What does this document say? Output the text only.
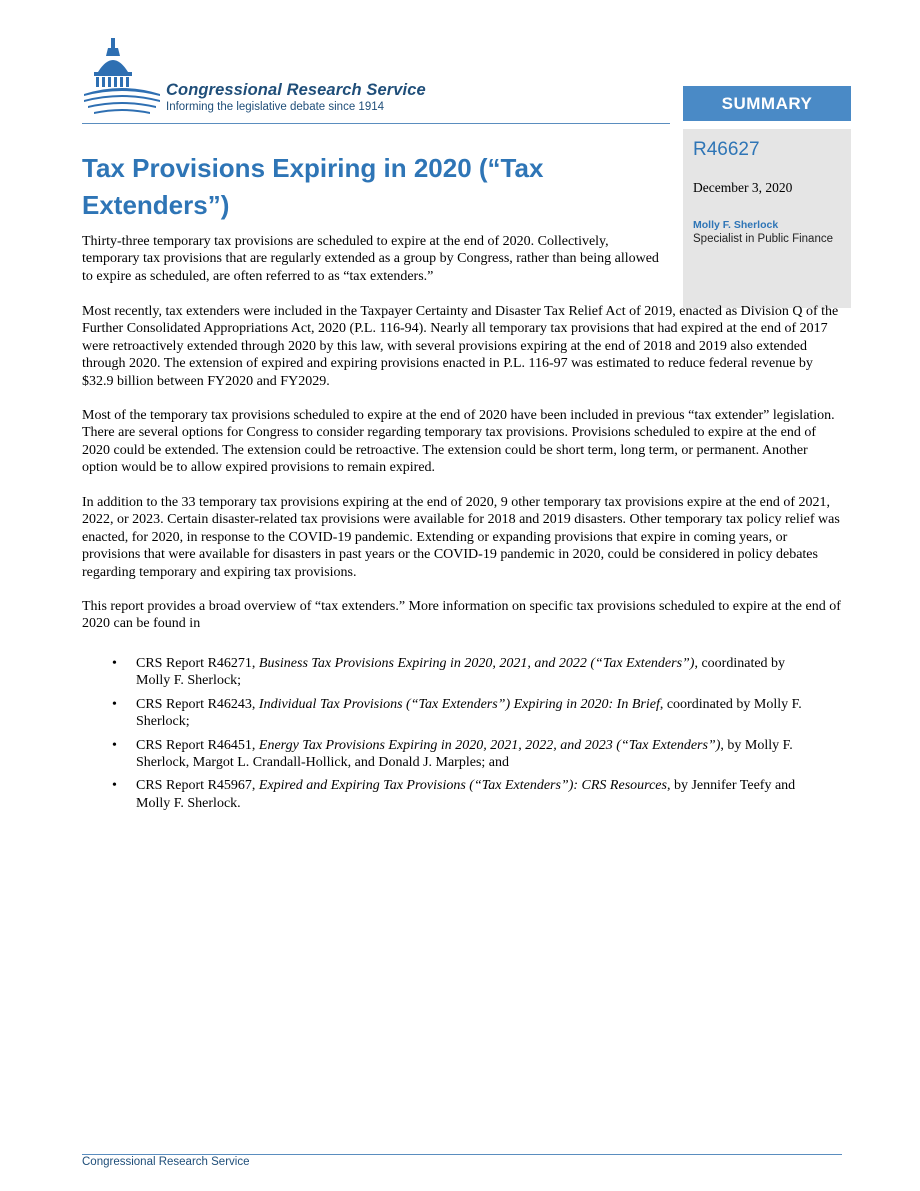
Congressional Research Service
Informing the legislative debate since 1914	SUMMARY
R46627
December 3, 2020
Molly F. Sherlock
Specialist in Public Finance
Tax Provisions Expiring in 2020 (“Tax Extenders”)

Thirty-three temporary tax provisions are scheduled to expire at the end of 2020. Collectively, temporary tax provisions that are regularly extended as a group by Congress, rather than being allowed to expire as scheduled, are often referred to as “tax extenders.”

Most recently, tax extenders were included in the Taxpayer Certainty and Disaster Tax Relief Act of 2019, enacted as Division Q of the Further Consolidated Appropriations Act, 2020 (P.L. 116-94). Nearly all temporary tax provisions that had expired at the end of 2017 were retroactively extended through 2020 by this law, with several provisions expiring at the end of 2018 and 2019 also extended through 2020. The extension of expired and expiring provisions enacted in P.L. 116-97 was estimated to reduce federal revenue by $32.9 billion between FY2020 and FY2029.

Most of the temporary tax provisions scheduled to expire at the end of 2020 have been included in previous “tax extender” legislation. There are several options for Congress to consider regarding temporary tax provisions. Provisions scheduled to expire at the end of 2020 could be extended. The extension could be retroactive. The extension could be short term, long term, or permanent. Another option would be to allow expired provisions to remain expired.

In addition to the 33 temporary tax provisions expiring at the end of 2020, 9 other temporary tax provisions expire at the end of 2021, 2022, or 2023. Certain disaster-related tax provisions were available for 2018 and 2019 disasters. Other temporary tax policy relief was enacted, for 2020, in response to the COVID-19 pandemic. Extending or expanding provisions that expire in coming years, or provisions that were available for disasters in past years or the COVID-19 pandemic in 2020, could be considered in policy debates regarding temporary and expiring tax provisions.

This report provides a broad overview of “tax extenders.” More information on specific tax provisions scheduled to expire at the end of 2020 can be found in

• CRS Report R46271, Business Tax Provisions Expiring in 2020, 2021, and 2022 (“Tax Extenders”), coordinated by Molly F. Sherlock;
• CRS Report R46243, Individual Tax Provisions (“Tax Extenders”) Expiring in 2020: In Brief, coordinated by Molly F. Sherlock;
• CRS Report R46451, Energy Tax Provisions Expiring in 2020, 2021, 2022, and 2023 (“Tax Extenders”), by Molly F. Sherlock, Margot L. Crandall-Hollick, and Donald J. Marples; and
• CRS Report R45967, Expired and Expiring Tax Provisions (“Tax Extenders”): CRS Resources, by Jennifer Teefy and Molly F. Sherlock.
Congressional Research Service
